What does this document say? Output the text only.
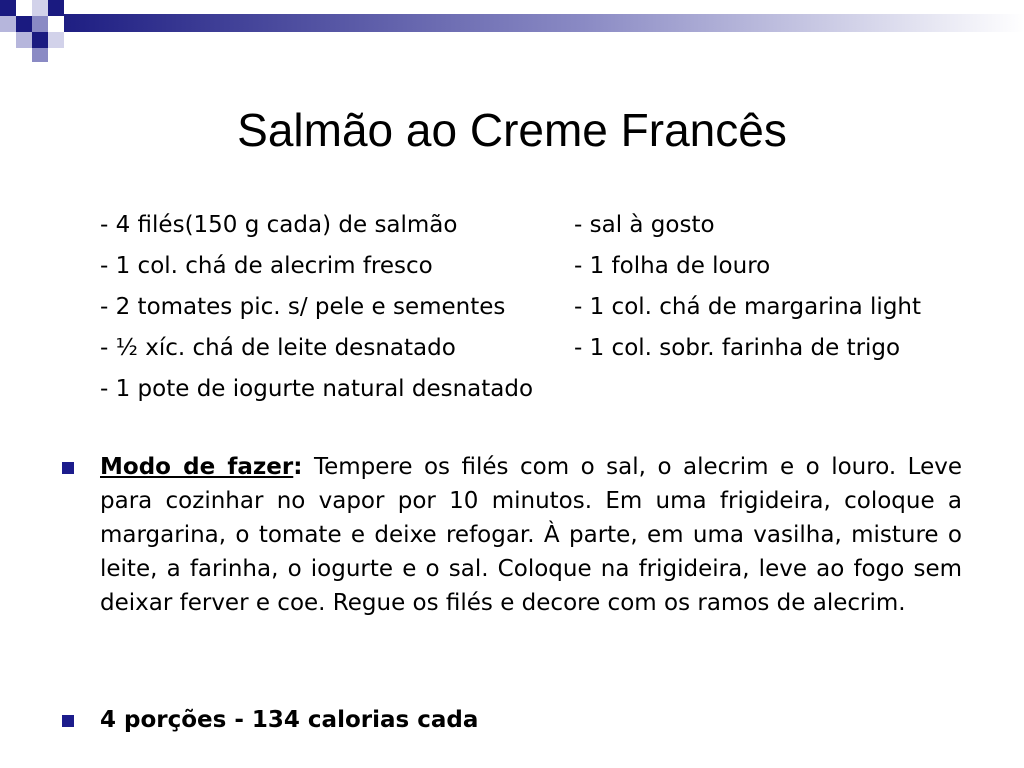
Salmão ao Creme Francês
- 4 filés(150 g cada) de salmão	- sal à gosto
- 1 col. chá de alecrim fresco	- 1 folha de louro
- 2 tomates pic. s/ pele e sementes	- 1 col. chá de margarina light
- ½ xíc. chá de leite desnatado	- 1 col. sobr. farinha de trigo
- 1 pote de iogurte natural desnatado
Modo de fazer: Tempere os filés com o sal, o alecrim e o louro. Leve para cozinhar no vapor por 10 minutos. Em uma frigideira, coloque a margarina, o tomate e deixe refogar. À parte, em uma vasilha, misture o leite, a farinha, o iogurte e o sal. Coloque na frigideira, leve ao fogo sem deixar ferver e coe. Regue os filés e decore com os ramos de alecrim.
4 porções - 134 calorias cada
